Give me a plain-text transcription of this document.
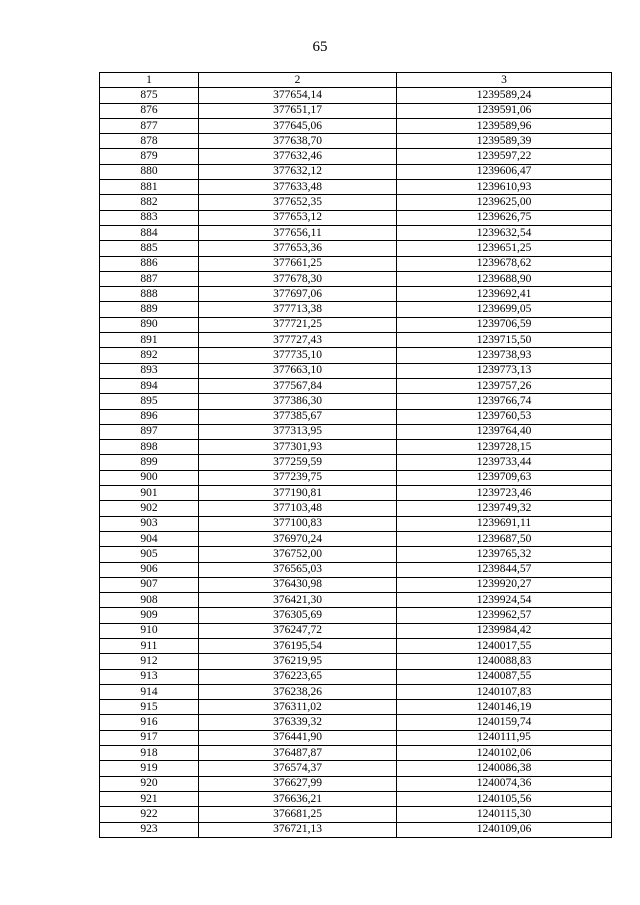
65
1	2	3
875	377654,14	1239589,24
876	377651,17	1239591,06
877	377645,06	1239589,96
878	377638,70	1239589,39
879	377632,46	1239597,22
880	377632,12	1239606,47
881	377633,48	1239610,93
882	377652,35	1239625,00
883	377653,12	1239626,75
884	377656,11	1239632,54
885	377653,36	1239651,25
886	377661,25	1239678,62
887	377678,30	1239688,90
888	377697,06	1239692,41
889	377713,38	1239699,05
890	377721,25	1239706,59
891	377727,43	1239715,50
892	377735,10	1239738,93
893	377663,10	1239773,13
894	377567,84	1239757,26
895	377386,30	1239766,74
896	377385,67	1239760,53
897	377313,95	1239764,40
898	377301,93	1239728,15
899	377259,59	1239733,44
900	377239,75	1239709,63
901	377190,81	1239723,46
902	377103,48	1239749,32
903	377100,83	1239691,11
904	376970,24	1239687,50
905	376752,00	1239765,32
906	376565,03	1239844,57
907	376430,98	1239920,27
908	376421,30	1239924,54
909	376305,69	1239962,57
910	376247,72	1239984,42
911	376195,54	1240017,55
912	376219,95	1240088,83
913	376223,65	1240087,55
914	376238,26	1240107,83
915	376311,02	1240146,19
916	376339,32	1240159,74
917	376441,90	1240111,95
918	376487,87	1240102,06
919	376574,37	1240086,38
920	376627,99	1240074,36
921	376636,21	1240105,56
922	376681,25	1240115,30
923	376721,13	1240109,06
